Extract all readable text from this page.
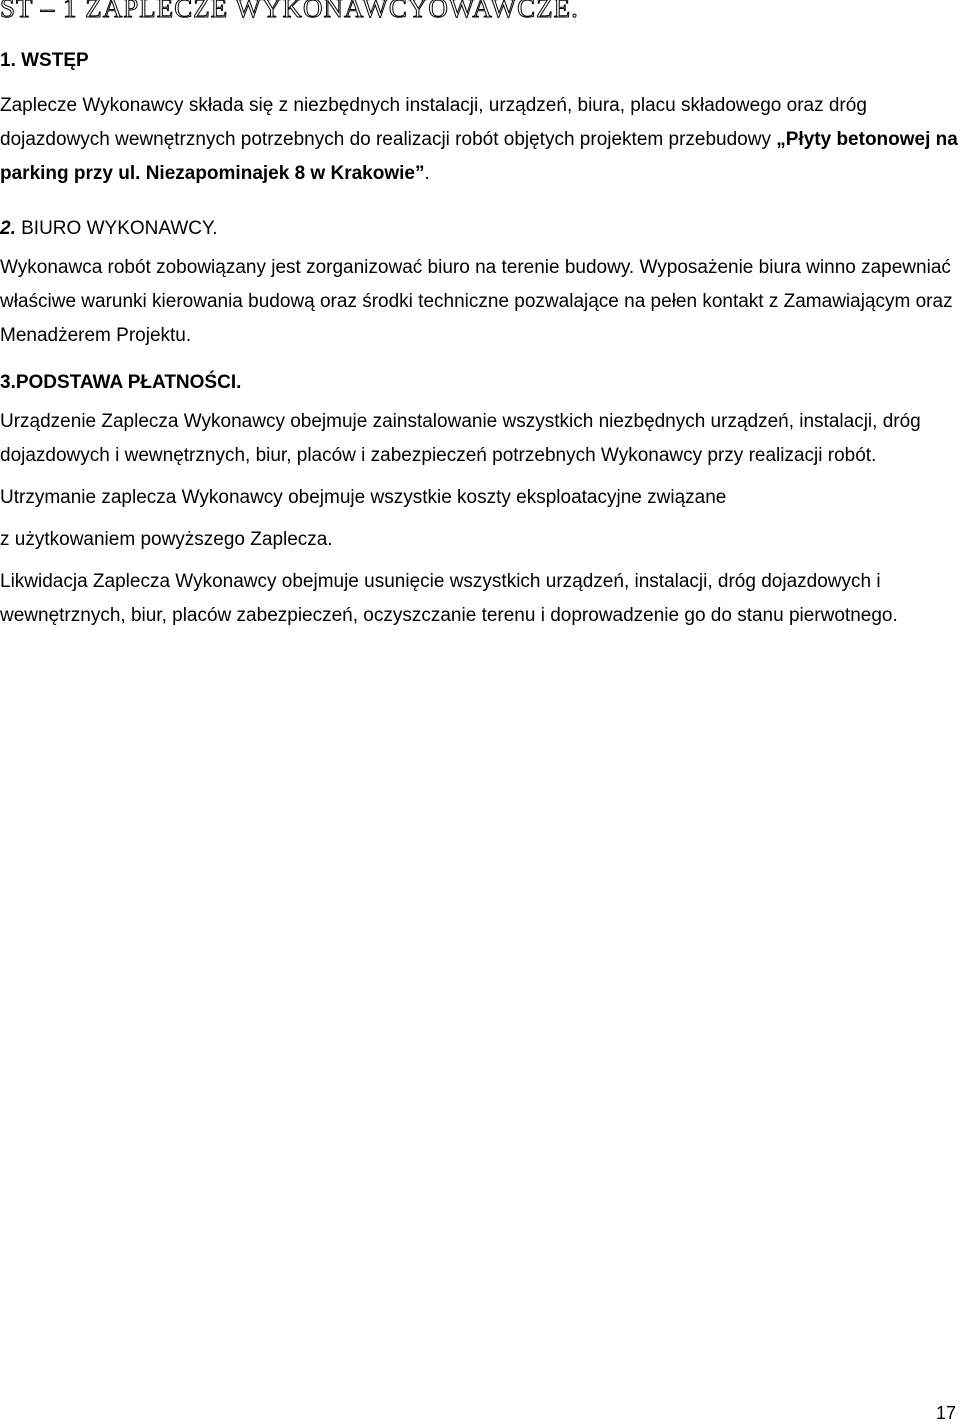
ST – 1 ZAPLECZE WYKONAWCYOWAWCZE.

1. WSTĘP

Zaplecze Wykonawcy składa się z niezbędnych instalacji, urządzeń, biura, placu składowego oraz dróg dojazdowych wewnętrznych potrzebnych do realizacji robót objętych projektem przebudowy „Płyty betonowej na parking przy ul. Niezapominajek 8 w Krakowie”.

2. BIURO WYKONAWCY.

Wykonawca robót zobowiązany jest zorganizować biuro na terenie budowy. Wyposażenie biura winno zapewniać właściwe warunki kierowania budową oraz środki techniczne pozwalające na pełen kontakt z Zamawiającym oraz Menadżerem Projektu.

3.PODSTAWA PŁATNOŚCI.

Urządzenie Zaplecza Wykonawcy obejmuje zainstalowanie wszystkich niezbędnych urządzeń, instalacji, dróg dojazdowych i wewnętrznych, biur, placów i zabezpieczeń potrzebnych Wykonawcy przy realizacji robót.

Utrzymanie zaplecza Wykonawcy obejmuje wszystkie koszty eksploatacyjne związane

z użytkowaniem powyższego Zaplecza.

Likwidacja Zaplecza Wykonawcy obejmuje usunięcie wszystkich urządzeń, instalacji, dróg dojazdowych i wewnętrznych, biur, placów zabezpieczeń, oczyszczanie terenu i doprowadzenie go do stanu pierwotnego.

17
